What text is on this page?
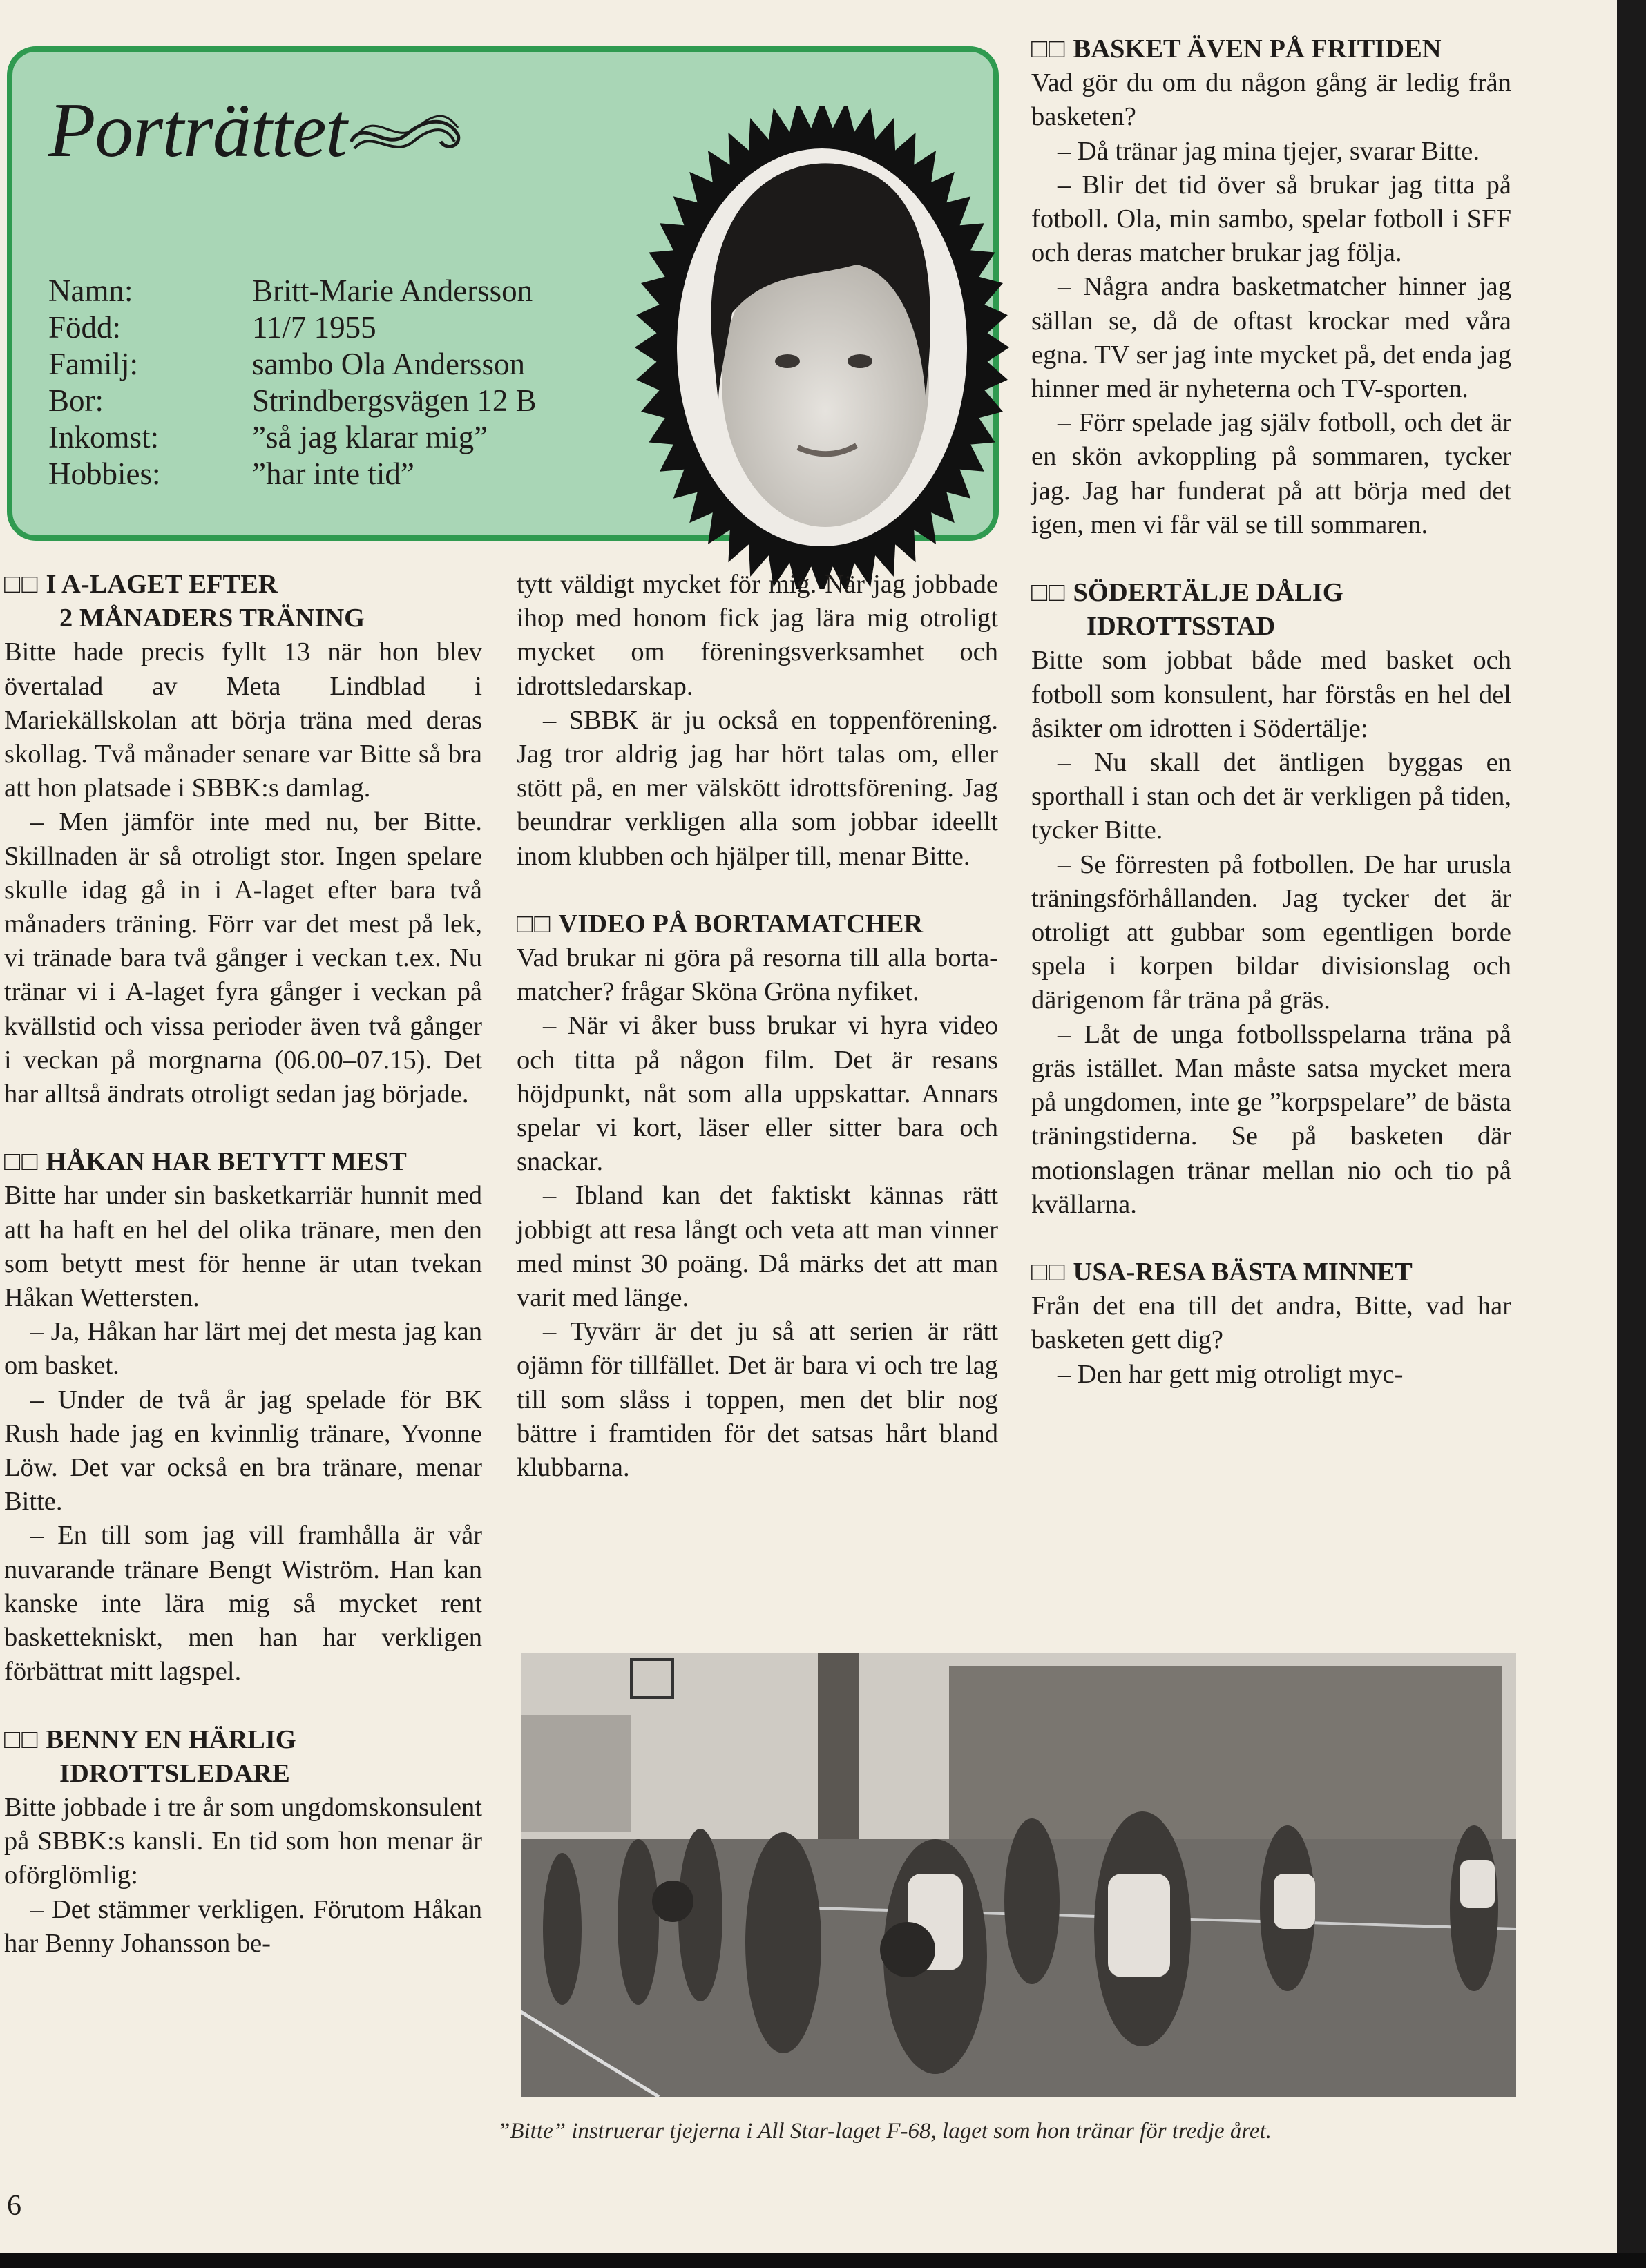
Porträttet
Namn:	Britt-Marie Andersson
Född:	11/7 1955
Familj:	sambo Ola Andersson
Bor:	Strindbergsvägen 12 B
Inkomst:	”så jag klarar mig”
Hobbies:	”har inte tid”
□□ I A-LAGET EFTER
2 MÅNADERS TRÄNING

Bitte hade precis fyllt 13 när hon blev övertalad av Meta Lindblad i Mariekällskolan att börja träna med deras skollag. Två månader senare var Bitte så bra att hon platsade i SBBK:s damlag.

– Men jämför inte med nu, ber Bitte. Skillnaden är så otroligt stor. Ingen spelare skulle idag gå in i A-laget efter bara två månaders träning. Förr var det mest på lek, vi tränade bara två gånger i veckan t.ex. Nu tränar vi i A-laget fyra gånger i veckan på kvällstid och vissa perioder även två gånger i veckan på morgnarna (06.00–07.15). Det har alltså ändrats otroligt sedan jag började.

□□ HÅKAN HAR BETYTT MEST

Bitte har under sin basketkarriär hunnit med att ha haft en hel del olika tränare, men den som betytt mest för henne är utan tvekan Håkan Wettersten.

– Ja, Håkan har lärt mej det mesta jag kan om basket.

– Under de två år jag spelade för BK Rush hade jag en kvinnlig tränare, Yvonne Löw. Det var också en bra tränare, menar Bitte.

– En till som jag vill framhålla är vår nuvarande tränare Bengt Wiström. Han kan kanske inte lära mig så mycket rent baskettekniskt, men han har verkligen förbättrat mitt lagspel.

□□ BENNY EN HÄRLIG
IDROTTSLEDARE

Bitte jobbade i tre år som ungdomskonsulent på SBBK:s kansli. En tid som hon menar är oförglömlig:

– Det stämmer verkligen. Förutom Håkan har Benny Johansson be-

tytt väldigt mycket för mig. När jag jobbade ihop med honom fick jag lära mig otroligt mycket om föreningsverksamhet och idrottsledarskap.

– SBBK är ju också en toppenförening. Jag tror aldrig jag har hört talas om, eller stött på, en mer välskött idrottsförening. Jag beundrar verkligen alla som jobbar ideellt inom klubben och hjälper till, menar Bitte.

□□ VIDEO PÅ BORTAMATCHER

Vad brukar ni göra på resorna till alla borta-matcher? frågar Sköna Gröna nyfiket.

– När vi åker buss brukar vi hyra video och titta på någon film. Det är resans höjdpunkt, nåt som alla uppskattar. Annars spelar vi kort, läser eller sitter bara och snackar.

– Ibland kan det faktiskt kännas rätt jobbigt att resa långt och veta att man vinner med minst 30 poäng. Då märks det att man varit med länge.

– Tyvärr är det ju så att serien är rätt ojämn för tillfället. Det är bara vi och tre lag till som slåss i toppen, men det blir nog bättre i framtiden för det satsas hårt bland klubbarna.

□□ BASKET ÄVEN PÅ FRITIDEN

Vad gör du om du någon gång är ledig från basketen?

– Då tränar jag mina tjejer, svarar Bitte.

– Blir det tid över så brukar jag titta på fotboll. Ola, min sambo, spelar fotboll i SFF och deras matcher brukar jag följa.

– Några andra basketmatcher hinner jag sällan se, då de oftast krockar med våra egna. TV ser jag inte mycket på, det enda jag hinner med är nyheterna och TV-sporten.

– Förr spelade jag själv fotboll, och det är en skön avkoppling på sommaren, tycker jag. Jag har funderat på att börja med det igen, men vi får väl se till sommaren.

□□ SÖDERTÄLJE DÅLIG
IDROTTSSTAD

Bitte som jobbat både med basket och fotboll som konsulent, har förstås en hel del åsikter om idrotten i Södertälje:

– Nu skall det äntligen byggas en sporthall i stan och det är verkligen på tiden, tycker Bitte.

– Se förresten på fotbollen. De har urusla träningsförhållanden. Jag tycker det är otroligt att gubbar som egentligen borde spela i korpen bildar divisionslag och därigenom får träna på gräs.

– Låt de unga fotbollsspelarna träna på gräs istället. Man måste satsa mycket mera på ungdomen, inte ge ”korpspelare” de bästa träningstiderna. Se på basketen där motionslagen tränar mellan nio och tio på kvällarna.

□□ USA-RESA BÄSTA MINNET

Från det ena till det andra, Bitte, vad har basketen gett dig?

– Den har gett mig otroligt myc-

”Bitte” instruerar tjejerna i All Star-laget F-68, laget som hon tränar för tredje året.
6
